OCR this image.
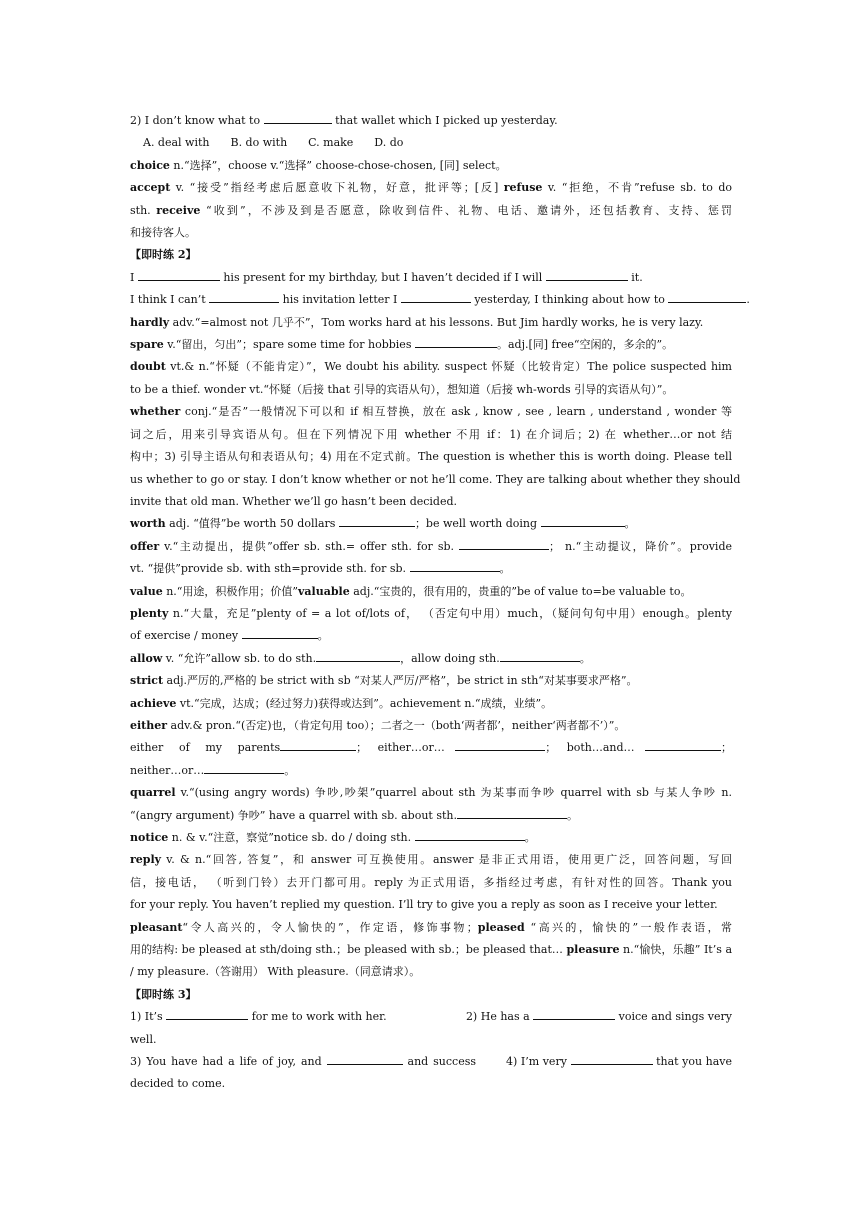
2) I don’t know what to	that wallet which I picked up yesterday.
A. deal with      B. do with      C. make      D. do
choice n.“选择”，choose v.“选择” choose-chose-chosen, [同] select。
accept v. “接受”指经考虑后愿意收下礼物，好意，批评等；[反] refuse v. “拒绝，不肯”refuse sb. to do
sth. receive “收到”，不涉及到是否愿意，除收到信件、礼物、电话、邀请外，还包括教育、支持、惩罚
和接待客人。
【即时练 2】
I	his present for my birthday, but I haven’t decided if I will	it.
I think I can’t	his invitation letter I	yesterday, I thinking about how to	.
hardly adv.“=almost not 几乎不”，Tom works hard at his lessons. But Jim hardly works, he is very lazy.
spare v.“留出，匀出”；spare some time for hobbies	。adj.[同] free“空闲的，多余的”。
doubt vt.& n.“怀疑（不能肯定）”，We doubt his ability. suspect 怀疑（比较肯定）The police suspected him
to be a thief. wonder vt.“怀疑（后接 that 引导的宾语从句），想知道（后接 wh-words 引导的宾语从句）”。
whether conj.“是否”一般情况下可以和 if 相互替换，放在 ask , know , see , learn , understand , wonder 等
词之后，用来引导宾语从句。但在下列情况下用 whether 不用 if：1) 在介词后；2) 在 whether…or not 结
构中；3) 引导主语从句和表语从句；4) 用在不定式前。The question is whether this is worth doing. Please tell
us whether to go or stay. I don’t know whether or not he’ll come. They are talking about whether they should
invite that old man. Whether we’ll go hasn’t been decided.
worth adj. “值得”be worth 50 dollars	；be well worth doing	。
offer v.“主动提出，提供”offer sb. sth.= offer sth. for sb.	； n.“主动提议，降价”。provide
vt. “提供”provide sb. with sth=provide sth. for sb.	。
value n.“用途，积极作用；价值”valuable adj.“宝贵的，很有用的，贵重的”be of value to=be valuable to。
plenty n.“大量，充足”plenty of = a lot of/lots of， （否定句中用）much，（疑问句句中用）enough。plenty
of exercise / money	。
allow v. “允许”allow sb. to do sth.	，allow doing sth.	。
strict adj.严厉的,严格的 be strict with sb “对某人严厉/严格”，be strict in sth“对某事要求严格”。
achieve vt.“完成，达成；(经过努力)获得或达到”。achievement n.“成绩，业绩”。
either adv.& pron.“(否定)也，（肯定句用 too）；二者之一（both‘两者都’，neither‘两者都不’）”。
either   of   my   parents	；  either…or…	；  both…and…	；
neither…or…	。
quarrel v.“(using angry words) 争吵,吵架”quarrel about sth 为某事而争吵 quarrel with sb 与某人争吵 n.
“(angry argument) 争吵” have a quarrel with sb. about sth.	。
notice n. & v.“注意，察觉”notice sb. do / doing sth.	。
reply v. & n.“回答, 答复”，和 answer 可互换使用。answer 是非正式用语，使用更广泛，回答问题，写回
信，接电话， （听到门铃）去开门都可用。reply 为正式用语，多指经过考虑，有针对性的回答。Thank you
for your reply. You haven’t replied my question. I’ll try to give you a reply as soon as I receive your letter.
pleasant“令人高兴的，令人愉快的”，作定语，修饰事物；pleased “高兴的，愉快的”一般作表语，常
用的结构: be pleased at sth/doing sth.；be pleased with sb.；be pleased that… pleasure n.“愉快，乐趣” It’s a
/ my pleasure.（答谢用） With pleasure.（同意请求）。
【即时练 3】
1) It’s	for me to work with her.	2) He has a	voice and sings very
well.
3) You have had a life of joy, and	and success	4) I’m very	that you have
decided to come.
